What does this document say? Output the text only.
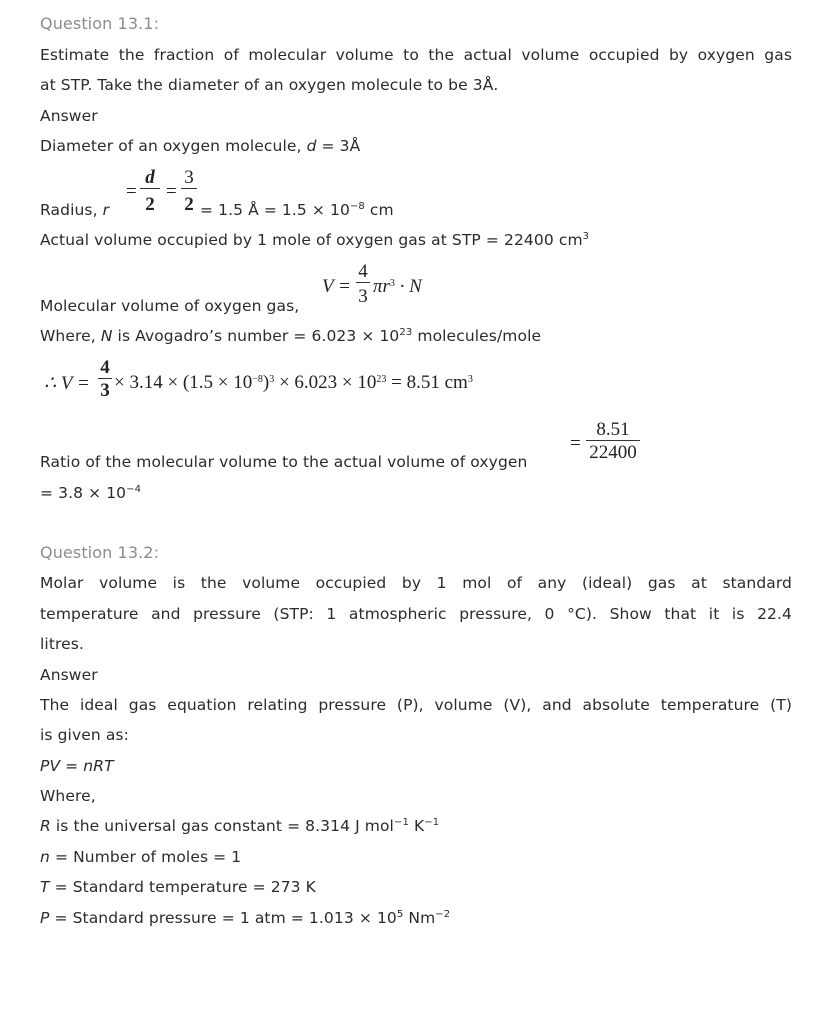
Question 13.1:
Estimate the fraction of molecular volume to the actual volume occupied by oxygen gas
at STP. Take the diameter of an oxygen molecule to be 3Å.
Answer
Diameter of an oxygen molecule, d = 3Å
Radius, r
= $\frac{d}{2} = \frac{3}{2} = 1.5$ Å = $1.5 \times 10^{-8}$ cm
Actual volume occupied by 1 mole of oxygen gas at STP = 22400 $cm^3$
Molecular volume of oxygen gas,
$V = \frac{4}{3} \pi r^3 \cdot N$
Where, N is Avogadro’s number = $6.023 \times 10^{23}$ molecules/mole
∴ $V = \frac{4}{3} \times 3.14 \times (1.5 \times 10^{-8})^3 \times 6.023 \times 10^{23} = 8.51$ $cm^3$
Ratio of the molecular volume to the actual volume of oxygen
= $\frac{8.51}{22400}$
= $3.8 \times 10^{-4}$
Question 13.2:
Molar volume is the volume occupied by 1 mol of any (ideal) gas at standard
temperature and pressure (STP: 1 atmospheric pressure, 0 °C). Show that it is 22.4
litres.
Answer
The ideal gas equation relating pressure (P), volume (V), and absolute temperature (T)
is given as:
PV = nRT
Where,
R is the universal gas constant = 8.314 J mol$^{-1}$ $K^{-1}$
n = Number of moles = 1
T = Standard temperature = 273 K
P = Standard pressure = 1 atm = $1.013 \times 10^5$ $Nm^{-2}$
